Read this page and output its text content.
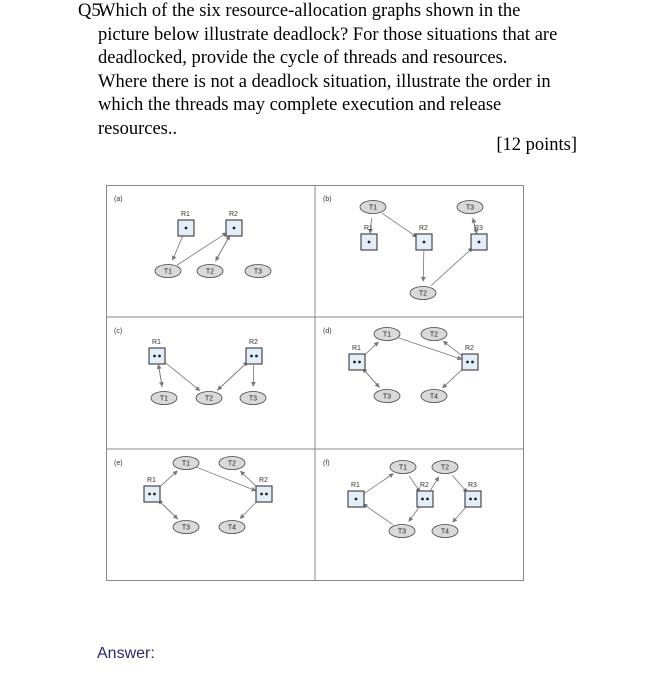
Q5.
Which of the six resource-allocation graphs shown in the
picture below illustrate deadlock? For those situations that are
deadlocked, provide the cycle of threads and resources.
Where there is not a deadlock situation, illustrate the order in
which the threads may complete execution and release
resources..
[12 points]
(a)
R1	R2
T1	T2	T3
(b)
R1	R2	R3
T1
T2
T3
(c)
R1	R2
T1	T2	T3
(d)
R1	R2
T1	T2
T3	T4
(e)
R1	R2
T1	T2
T3	T4
(f)
R1	R2	R3
T1	T2
T3	T4
Answer:
